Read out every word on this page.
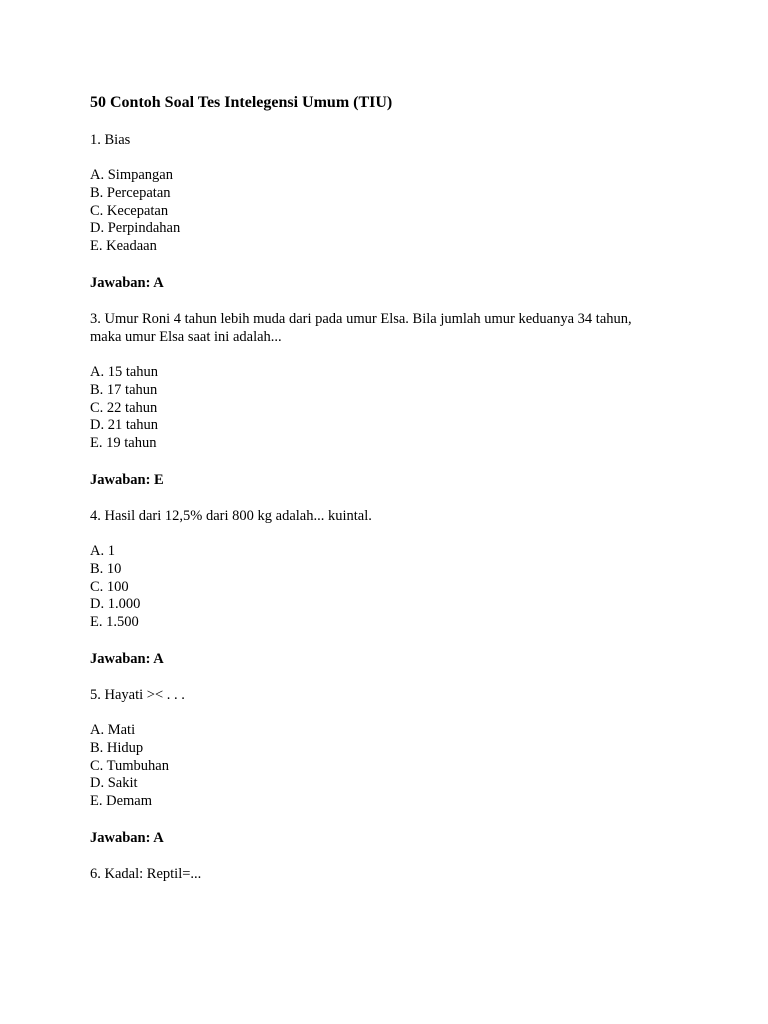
50 Contoh Soal Tes Intelegensi Umum (TIU)

1. Bias

A. Simpangan
B. Percepatan
C. Kecepatan
D. Perpindahan
E. Keadaan

Jawaban: A

3. Umur Roni 4 tahun lebih muda dari pada umur Elsa. Bila jumlah umur keduanya 34 tahun,
maka umur Elsa saat ini adalah...

A. 15 tahun
B. 17 tahun
C. 22 tahun
D. 21 tahun
E. 19 tahun

Jawaban: E

4. Hasil dari 12,5% dari 800 kg adalah... kuintal.

A. 1
B. 10
C. 100
D. 1.000
E. 1.500

Jawaban: A

5. Hayati >< . . .

A. Mati
B. Hidup
C. Tumbuhan
D. Sakit
E. Demam

Jawaban: A

6. Kadal: Reptil=...
